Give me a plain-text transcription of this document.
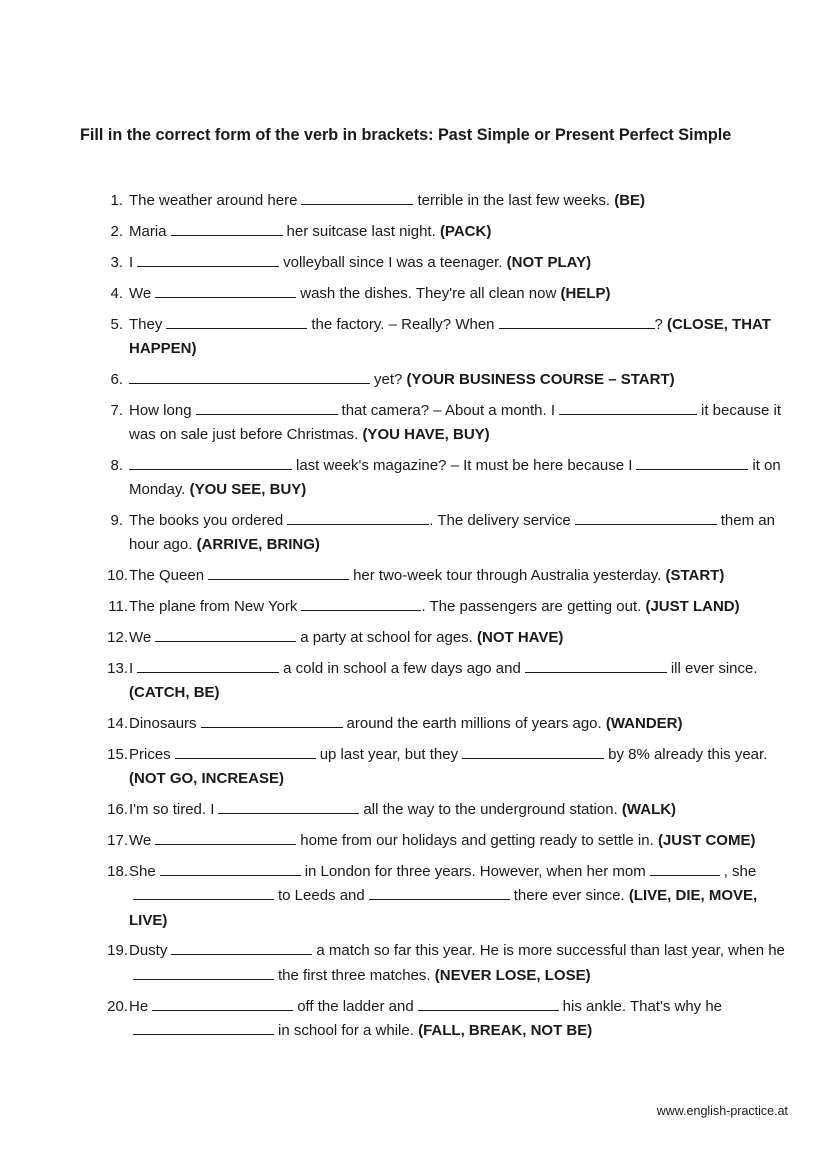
Fill in the correct form of the verb in brackets: Past Simple or Present Perfect Simple
1. The weather around here	terrible in the last few weeks. (BE)
2. Maria	her suitcase last night. (PACK)
3. I	volleyball since I was a teenager. (NOT PLAY)
4. We	wash the dishes. They're all clean now (HELP)
5. They	the factory. – Really? When	? (CLOSE, THAT HAPPEN)
6.	yet? (YOUR BUSINESS COURSE – START)
7. How long	that camera? – About a month. I	it because it was on sale just before Christmas. (YOU HAVE, BUY)
8.	last week's magazine? – It must be here because I	it on Monday. (YOU SEE, BUY)
9. The books you ordered	. The delivery service	them an hour ago. (ARRIVE, BRING)
10. The Queen	her two-week tour through Australia yesterday. (START)
11. The plane from New York	. The passengers are getting out. (JUST LAND)
12. We	a party at school for ages. (NOT HAVE)
13. I	a cold in school a few days ago and	ill ever since. (CATCH, BE)
14. Dinosaurs	around the earth millions of years ago. (WANDER)
15. Prices	up last year, but they	by 8% already this year. (NOT GO, INCREASE)
16. I'm so tired. I	all the way to the underground station. (WALK)
17. We	home from our holidays and getting ready to settle in. (JUST COME)
18. She	in London for three years. However, when her mom	, sheto Leeds and	there ever since. (LIVE, DIE, MOVE, LIVE)
19. Dusty	a match so far this year. He is more successful than last year, when hethe first three matches. (NEVER LOSE, LOSE)
20. He	off the ladder and	his ankle. That's why hein school for a while. (FALL, BREAK, NOT BE)
www.english-practice.at
